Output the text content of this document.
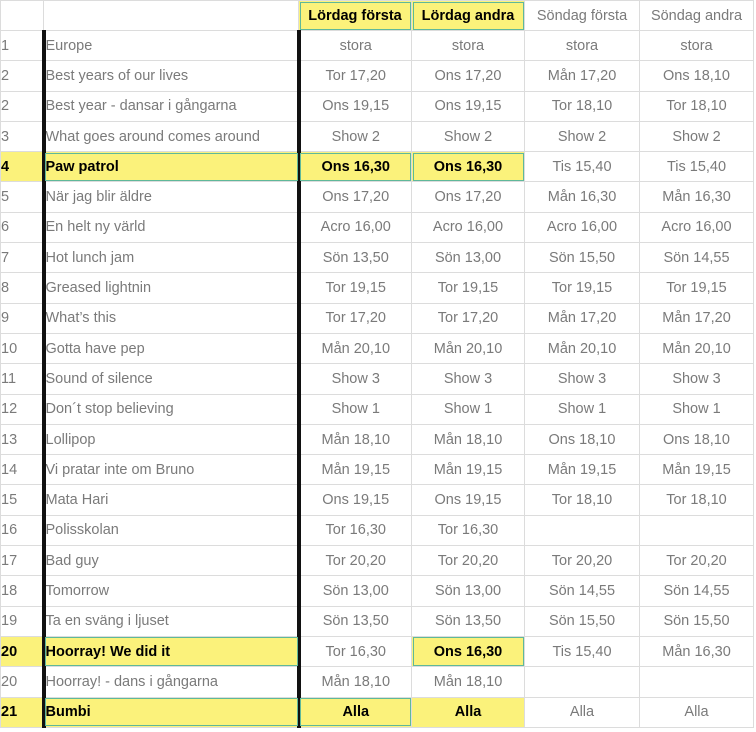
		Lördag första	Lördag andra	Söndag första	Söndag andra
1	Europe	stora	stora	stora	stora
2	Best years of our lives	Tor 17,20	Ons 17,20	Mån 17,20	Ons 18,10
2	Best year - dansar i gångarna	Ons 19,15	Ons 19,15	Tor 18,10	Tor 18,10
3	What goes around comes around	Show 2	Show 2	Show 2	Show 2
4	Paw patrol	Ons 16,30	Ons 16,30	Tis 15,40	Tis 15,40
5	När jag blir äldre	Ons 17,20	Ons 17,20	Mån 16,30	Mån 16,30
6	En helt ny värld	Acro 16,00	Acro 16,00	Acro 16,00	Acro 16,00
7	Hot lunch jam	Sön 13,50	Sön 13,00	Sön 15,50	Sön 14,55
8	Greased lightnin	Tor 19,15	Tor 19,15	Tor 19,15	Tor 19,15
9	What’s this	Tor 17,20	Tor 17,20	Mån 17,20	Mån 17,20
10	Gotta have pep	Mån 20,10	Mån 20,10	Mån 20,10	Mån 20,10
11	Sound of silence	Show 3	Show 3	Show 3	Show 3
12	Don´t stop believing	Show 1	Show 1	Show 1	Show 1
13	Lollipop	Mån 18,10	Mån 18,10	Ons 18,10	Ons 18,10
14	Vi pratar inte om Bruno	Mån 19,15	Mån 19,15	Mån 19,15	Mån 19,15
15	Mata Hari	Ons 19,15	Ons 19,15	Tor 18,10	Tor 18,10
16	Polisskolan	Tor 16,30	Tor 16,30		
17	Bad guy	Tor 20,20	Tor 20,20	Tor 20,20	Tor 20,20
18	Tomorrow	Sön 13,00	Sön 13,00	Sön 14,55	Sön 14,55
19	Ta en sväng i ljuset	Sön 13,50	Sön 13,50	Sön 15,50	Sön 15,50
20	Hoorray! We did it	Tor 16,30	Ons 16,30	Tis 15,40	Mån 16,30
20	Hoorray! - dans i gångarna	Mån 18,10	Mån 18,10		
21	Bumbi	Alla	Alla	Alla	Alla
